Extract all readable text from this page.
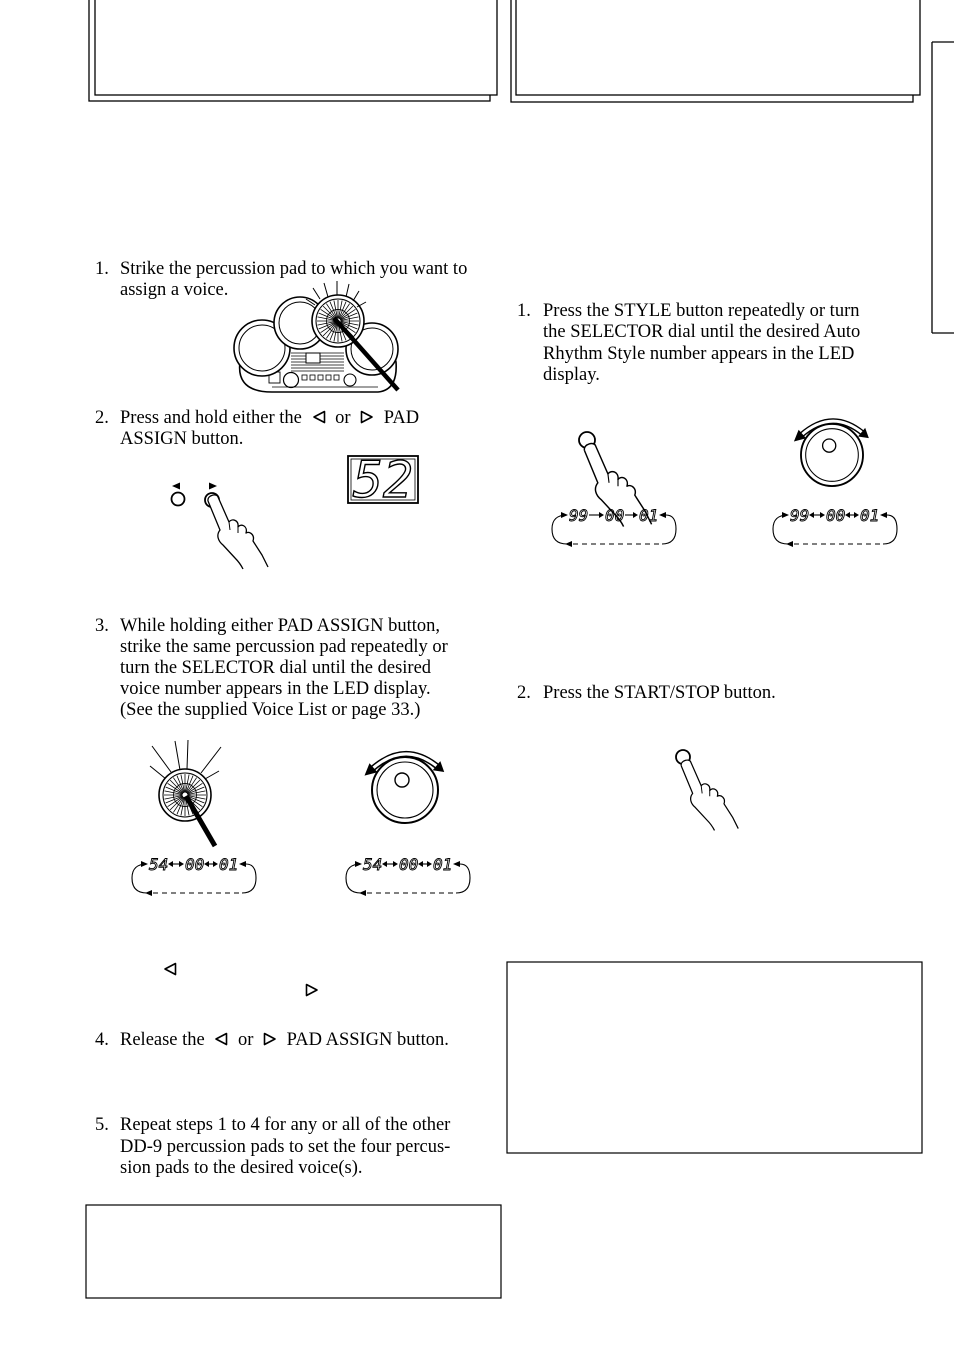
52
54 00 01	54 00 01
99 00 01	99 00 01
1. Strike the percussion pad to which you want to
assign a voice.
2. Press and hold either the or PAD
ASSIGN button.
3. While holding either PAD ASSIGN button,
strike the same percussion pad repeatedly or
turn the SELECTOR dial until the desired
voice number appears in the LED display.
(See the supplied Voice List or page 33.)
4. Release the or PAD ASSIGN button.
5. Repeat steps 1 to 4 for any or all of the other
DD-9 percussion pads to set the four percus-
sion pads to the desired voice(s).
1. Press the STYLE button repeatedly or turn
the SELECTOR dial until the desired Auto
Rhythm Style number appears in the LED
display.
2. Press the START/STOP button.
